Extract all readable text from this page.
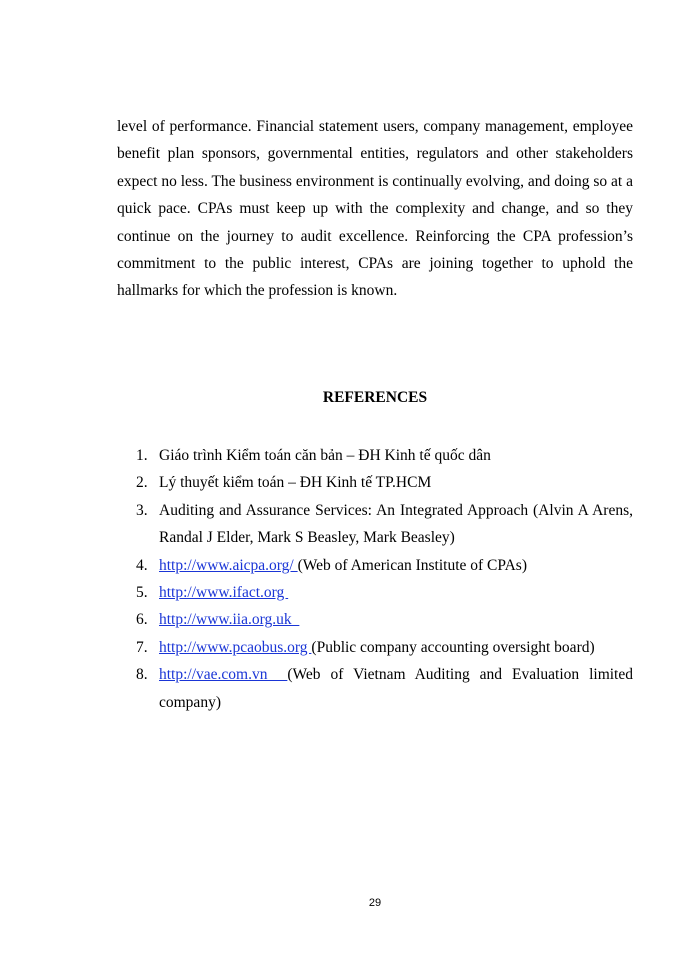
level of performance. Financial statement users, company management, employee benefit plan sponsors, governmental entities, regulators and other stakeholders expect no less. The business environment is continually evolving, and doing so at a quick pace. CPAs must keep up with the complexity and change, and so they continue on the journey to audit excellence. Reinforcing the CPA profession’s commitment to the public interest, CPAs are joining together to uphold the hallmarks for which the profession is known.

REFERENCES
1. Giáo trình Kiểm toán căn bản – ĐH Kinh tế quốc dân
2. Lý thuyết kiểm toán – ĐH Kinh tế TP.HCM
3. Auditing and Assurance Services: An Integrated Approach (Alvin A Arens, Randal J Elder, Mark S Beasley, Mark Beasley)
4. http://www.aicpa.org/ (Web of American Institute of CPAs)
5. http://www.ifact.org
6. http://www.iia.org.uk
7. http://www.pcaobus.org (Public company accounting oversight board)
8. http://vae.com.vn  (Web of Vietnam Auditing and Evaluation limited company)
29
